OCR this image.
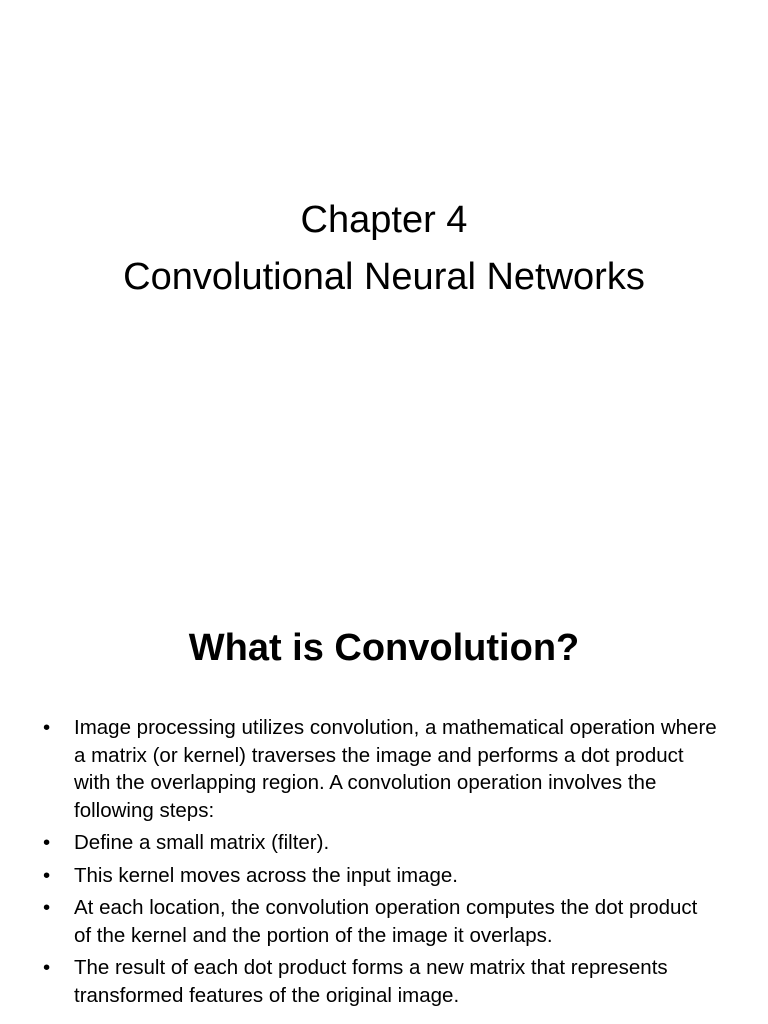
Chapter 4
Convolutional Neural Networks
What is Convolution?
• Image processing utilizes convolution, a mathematical operation where a matrix (or kernel) traverses the image and performs a dot product with the overlapping region. A convolution operation involves the following steps:
• Define a small matrix (filter).
• This kernel moves across the input image.
• At each location, the convolution operation computes the dot product of the kernel and the portion of the image it overlaps.
• The result of each dot product forms a new matrix that represents transformed features of the original image.
